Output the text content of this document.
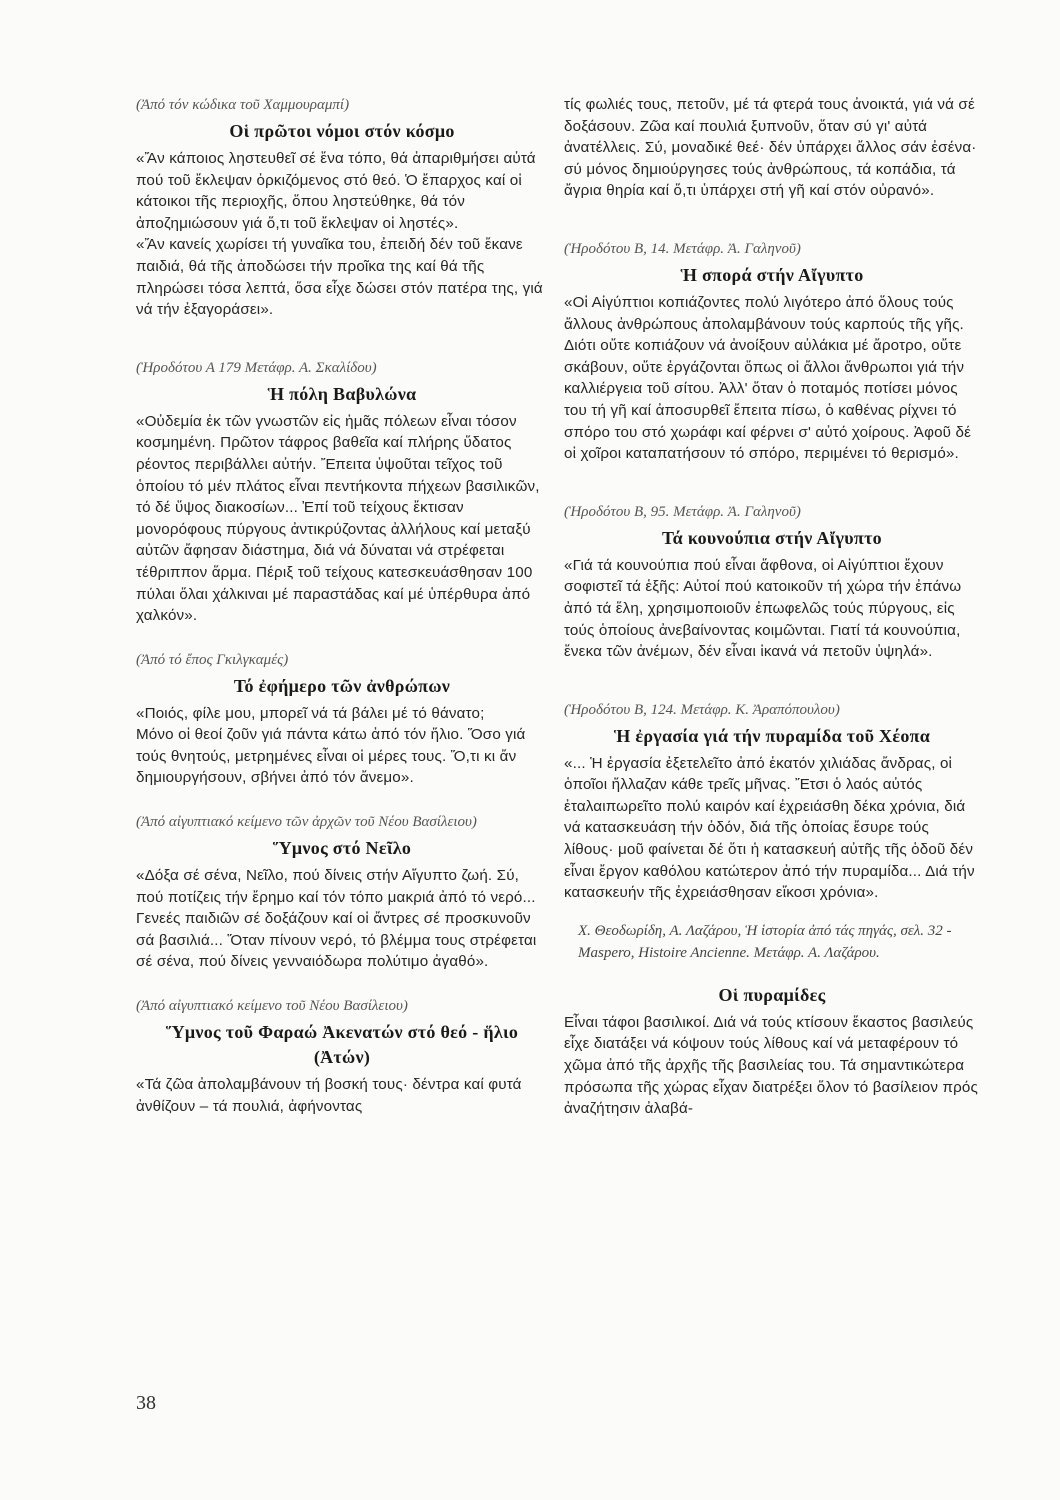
(Ἀπό τόν κώδικα τοῦ Χαμμουραμπί)

Οἱ πρῶτοι νόμοι στόν κόσμο

«Ἄν κάποιος ληστευθεῖ σέ ἕνα τόπο, θά ἀπαριθμήσει αὐτά πού τοῦ ἔκλεψαν ὁρκιζόμενος στό θεό. Ὁ ἔπαρχος καί οἱ κάτοικοι τῆς περιοχῆς, ὅπου ληστεύθηκε, θά τόν ἀποζημιώσουν γιά ὅ,τι τοῦ ἔκλεψαν οἱ ληστές».

«Ἄν κανείς χωρίσει τή γυναῖκα του, ἐπειδή δέν τοῦ ἔκανε παιδιά, θά τῆς ἀποδώσει τήν προῖκα της καί θά τῆς πληρώσει τόσα λεπτά, ὅσα εἶχε δώσει στόν πατέρα της, γιά νά τήν ἐξαγοράσει».

(Ἡροδότου Α 179 Μετάφρ. Α. Σκαλίδου)

Ἡ πόλη Βαβυλώνα

«Οὐδεμία ἐκ τῶν γνωστῶν εἰς ἡμᾶς πόλεων εἶναι τόσον κοσμημένη. Πρῶτον τάφρος βαθεῖα καί πλήρης ὕδατος ρέοντος περιβάλλει αὐτήν. Ἔπειτα ὑψοῦται τεῖχος τοῦ ὁποίου τό μέν πλάτος εἶναι πεντήκοντα πήχεων βασιλικῶν, τό δέ ὕψος διακοσίων... Ἐπί τοῦ τείχους ἔκτισαν μονορόφους πύργους ἀντικρύζοντας ἀλλήλους καί μεταξύ αὐτῶν ἄφησαν διάστημα, διά νά δύναται νά στρέφεται τέθριππον ἅρμα. Πέριξ τοῦ τείχους κατεσκευάσθησαν 100 πύλαι ὅλαι χάλκιναι μέ παραστάδας καί μέ ὑπέρθυρα ἀπό χαλκόν».

(Ἀπό τό ἔπος Γκιλγκαμές)

Τό ἐφήμερο τῶν ἀνθρώπων

«Ποιός, φίλε μου, μπορεῖ νά τά βάλει μέ τό θάνατο;

Μόνο οἱ θεοί ζοῦν γιά πάντα κάτω ἀπό τόν ἥλιο. Ὅσο γιά τούς θνητούς, μετρημένες εἶναι οἱ μέρες τους. Ὅ,τι κι ἄν δημιουργήσουν, σβήνει ἀπό τόν ἄνεμο».

(Ἀπό αἰγυπτιακό κείμενο τῶν ἀρχῶν τοῦ Νέου Βασίλειου)

Ὕμνος στό Νεῖλο

«Δόξα σέ σένα, Νεῖλο, πού δίνεις στήν Αἴγυπτο ζωή. Σύ, πού ποτίζεις τήν ἔρημο καί τόν τόπο μακριά ἀπό τό νερό... Γενεές παιδιῶν σέ δοξάζουν καί οἱ ἄντρες σέ προσκυνοῦν σά βασιλιά... Ὅταν πίνουν νερό, τό βλέμμα τους στρέφεται σέ σένα, πού δίνεις γενναιόδωρα πολύτιμο ἀγαθό».

(Ἀπό αἰγυπτιακό κείμενο τοῦ Νέου Βασίλειου)

Ὕμνος τοῦ Φαραώ Ἀκενατών στό θεό - ἥλιο (Ἀτών)

«Τά ζῶα ἀπολαμβάνουν τή βοσκή τους· δέντρα καί φυτά ἀνθίζουν – τά πουλιά, ἀφήνοντας

τίς φωλιές τους, πετοῦν, μέ τά φτερά τους ἀνοικτά, γιά νά σέ δοξάσουν. Ζῶα καί πουλιά ξυπνοῦν, ὅταν σύ γι' αὐτά ἀνατέλλεις. Σύ, μοναδικέ θεέ· δέν ὑπάρχει ἄλλος σάν ἐσένα· σύ μόνος δημιούργησες τούς ἀνθρώπους, τά κοπάδια, τά ἄγρια θηρία καί ὅ,τι ὑπάρχει στή γῆ καί στόν οὐρανό».

(Ἡροδότου Β, 14. Μετάφρ. Ἀ. Γαληνοῦ)

Ἡ σπορά στήν Αἴγυπτο

«Οἱ Αἰγύπτιοι κοπιάζοντες πολύ λιγότερο ἀπό ὅλους τούς ἄλλους ἀνθρώπους ἀπολαμβάνουν τούς καρπούς τῆς γῆς. Διότι οὔτε κοπιάζουν νά ἀνοίξουν αὐλάκια μέ ἄροτρο, οὔτε σκάβουν, οὔτε ἐργάζονται ὅπως οἱ ἄλλοι ἄνθρωποι γιά τήν καλλιέργεια τοῦ σίτου. Ἀλλ' ὅταν ὁ ποταμός ποτίσει μόνος του τή γῆ καί ἀποσυρθεῖ ἔπειτα πίσω, ὁ καθένας ρίχνει τό σπόρο του στό χωράφι καί φέρνει σ' αὐτό χοίρους. Ἀφοῦ δέ οἱ χοῖροι καταπατήσουν τό σπόρο, περιμένει τό θερισμό».

(Ἡροδότου Β, 95. Μετάφρ. Ἀ. Γαληνοῦ)

Τά κουνούπια στήν Αἴγυπτο

«Γιά τά κουνούπια πού εἶναι ἄφθονα, οἱ Αἰγύπτιοι ἔχουν σοφιστεῖ τά ἑξῆς: Αὐτοί πού κατοικοῦν τή χώρα τήν ἐπάνω ἀπό τά ἕλη, χρησιμοποιοῦν ἐπωφελῶς τούς πύργους, εἰς τούς ὁποίους ἀνεβαίνοντας κοιμῶνται. Γιατί τά κουνούπια, ἕνεκα τῶν ἀνέμων, δέν εἶναι ἱκανά νά πετοῦν ὑψηλά».

(Ἡροδότου Β, 124. Μετάφρ. Κ. Ἀραπόπουλου)

Ἡ ἐργασία γιά τήν πυραμίδα τοῦ Χέοπα

«... Ἡ ἐργασία ἐξετελεῖτο ἀπό ἑκατόν χιλιάδας ἄνδρας, οἱ ὁποῖοι ἤλλαζαν κάθε τρεῖς μῆνας. Ἔτσι ὁ λαός αὐτός ἐταλαιπωρεῖτο πολύ καιρόν καί ἐχρειάσθη δέκα χρόνια, διά νά κατασκευάση τήν ὁδόν, διά τῆς ὁποίας ἔσυρε τούς λίθους· μοῦ φαίνεται δέ ὅτι ἡ κατασκευή αὐτῆς τῆς ὁδοῦ δέν εἶναι ἔργον καθόλου κατώτερον ἀπό τήν πυραμίδα... Διά τήν κατασκευήν τῆς ἐχρειάσθησαν εἴκοσι χρόνια».

Χ. Θεοδωρίδη, Α. Λαζάρου, Ἡ ἱστορία ἀπό τάς πηγάς, σελ. 32 - Maspero, Histoire Ancienne. Μετάφρ. Α. Λαζάρου.

Οἱ πυραμίδες

Εἶναι τάφοι βασιλικοί. Διά νά τούς κτίσουν ἕκαστος βασιλεύς εἶχε διατάξει νά κόψουν τούς λίθους καί νά μεταφέρουν τό χῶμα ἀπό τῆς ἀρχῆς τῆς βασιλείας του. Τά σημαντικώτερα πρόσωπα τῆς χώρας εἶχαν διατρέξει ὅλον τό βασίλειον πρός ἀναζήτησιν ἀλαβά-

38
